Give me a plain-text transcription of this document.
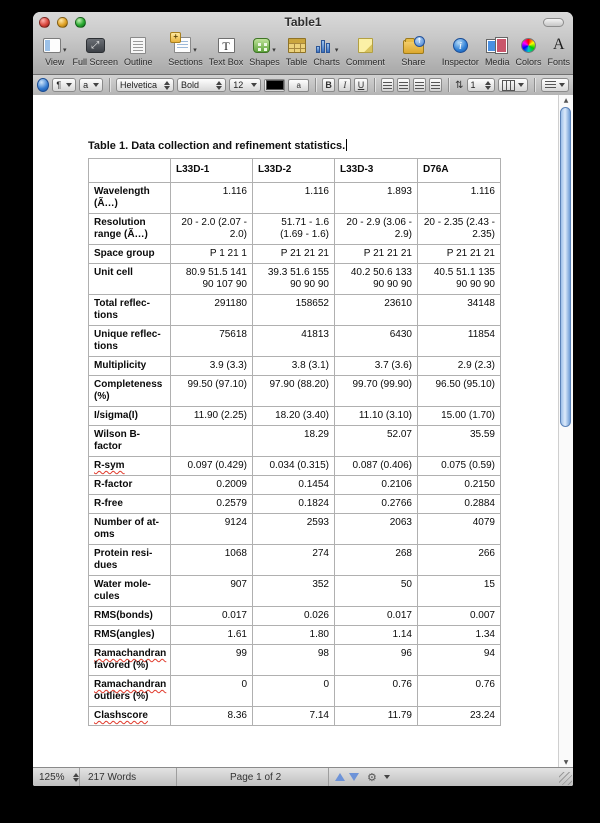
Table1
▾
View
⤢
Full Screen Outline
+
▾
Sections
T
Text Box
▾
Shapes Table
▾
Charts Comment
↑ Share
i
Inspector Media Colors
A
Fonts
¶ a	Helvetica	Bold	12	a	B I U	⇅ 1
Table 1. Data collection and refinement statistics.
	L33D-1	L33D-2	L33D-3	D76A
Wavelength
(Ã…)	1.116	1.116	1.893	1.116
Resolution
range (Ã…)	20 - 2.0 (2.07 - 2.0)	51.71 - 1.6 (1.69 - 1.6)	20 - 2.9 (3.06 - 2.9)	20 - 2.35 (2.43 - 2.35)
Space group	P 1 21 1	P 21 21 21	P 21 21 21	P 21 21 21
Unit cell	80.9 51.5 141 90 107 90	39.3 51.6 155 90 90 90	40.2 50.6 133 90 90 90	40.5 51.1 135 90 90 90
Total reflec-
tions	291180	158652	23610	34148
Unique reflec-
tions	75618	41813	6430	11854
Multiplicity	3.9 (3.3)	3.8 (3.1)	3.7 (3.6)	2.9 (2.3)
Completeness
(%)	99.50 (97.10)	97.90 (88.20)	99.70 (99.90)	96.50 (95.10)
I/sigma(I)	11.90 (2.25)	18.20 (3.40)	11.10 (3.10)	15.00 (1.70)
Wilson B-
factor		18.29	52.07	35.59
R-sym	0.097 (0.429)	0.034 (0.315)	0.087 (0.406)	0.075 (0.59)
R-factor	0.2009	0.1454	0.2106	0.2150
R-free	0.2579	0.1824	0.2766	0.2884
Number of at-
oms	9124	2593	2063	4079
Protein resi-
dues	1068	274	268	266
Water mole-
cules	907	352	50	15
RMS(bonds)	0.017	0.026	0.017	0.007
RMS(angles)	1.61	1.80	1.14	1.34
Ramachandran
favored (%)	99	98	96	94
Ramachandran
outliers (%)	0	0	0.76	0.76
Clashscore	8.36	7.14	11.79	23.24
▲
▼
125%	217 Words	Page 1 of 2	⚙
